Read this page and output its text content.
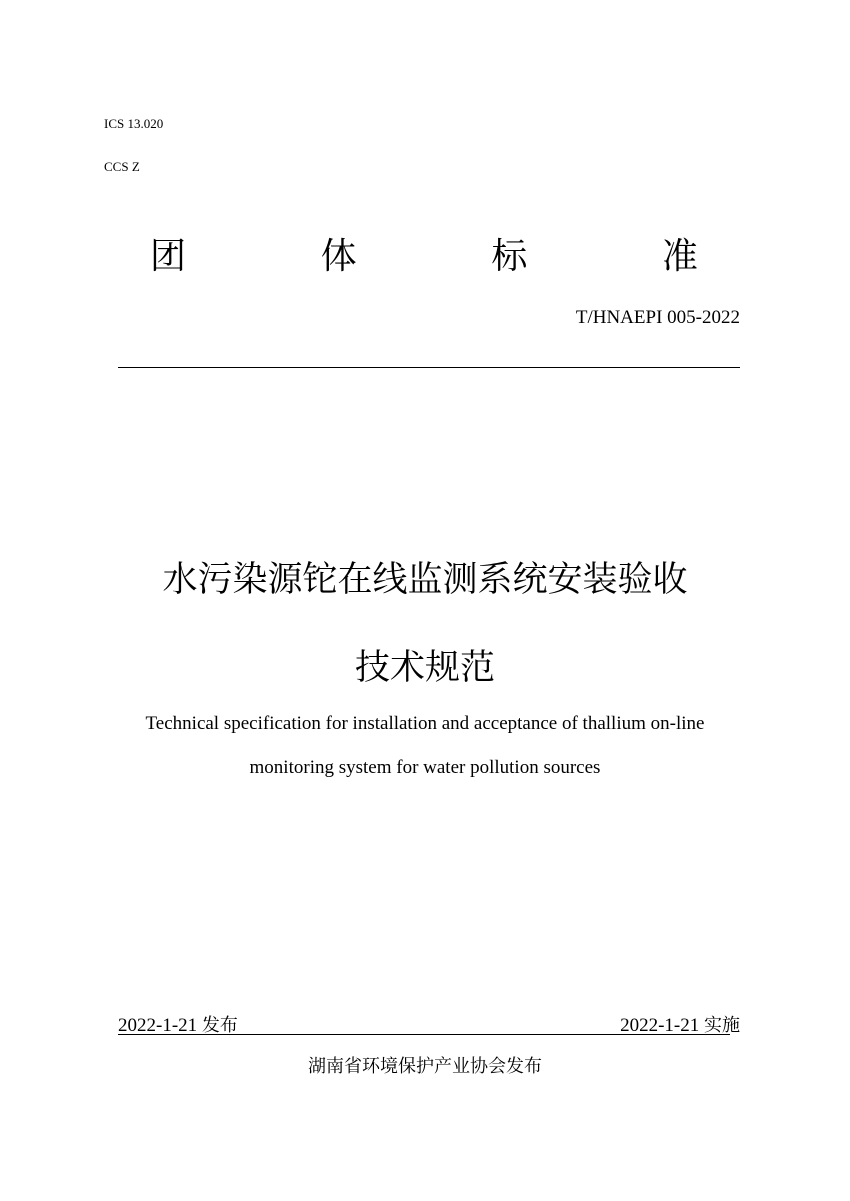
ICS 13.020
CCS Z
团	体	标	准
T/HNAEPI 005-2022
水污染源铊在线监测系统安装验收
技术规范
Technical specification for installation and acceptance of thallium on-line
monitoring system for water pollution sources
2022-1-21 发布	2022-1-21 实施
湖南省环境保护产业协会发布
